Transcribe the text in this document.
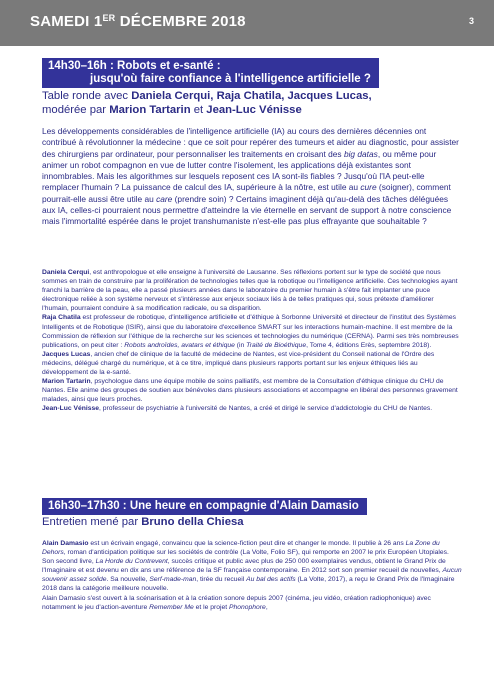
SAMEDI 1ER DÉCEMBRE 2018	3
14h30–16h : Robots et e-santé :
jusqu'où faire confiance à l'intelligence artificielle ?
Table ronde avec Daniela Cerqui, Raja Chatila, Jacques Lucas,
modérée par Marion Tartarin et Jean-Luc Vénisse

Les développements considérables de l'intelligence artificielle (IA) au cours des dernières décennies ont contribué à révolutionner la médecine : que ce soit pour repérer des tumeurs et aider au diagnostic, pour assister des chirurgiens par ordinateur, pour personnaliser les traitements en croisant des big datas, ou même pour animer un robot compagnon en vue de lutter contre l'isolement, les applications déjà existantes sont innombrables. Mais les algorithmes sur lesquels reposent ces IA sont-ils fiables ? Jusqu'où l'IA peut-elle remplacer l'humain ? La puissance de calcul des IA, supérieure à la nôtre, est utile au cure (soigner), comment pourrait-elle aussi être utile au care (prendre soin) ? Certains imaginent déjà qu'au-delà des tâches déléguées aux IA, celles-ci pourraient nous permettre d'atteindre la vie éternelle en servant de support à notre conscience mais l'immortalité espérée dans le projet transhumaniste n'est-elle pas plus effrayante que souhaitable ?

Daniela Cerqui, est anthropologue et elle enseigne à l'université de Lausanne. Ses réflexions portent sur le type de société que nous sommes en train de construire par la prolifération de technologies telles que la robotique ou l'intelligence artificielle. Ces technologies ayant franchi la barrière de la peau, elle a passé plusieurs années dans le laboratoire du premier humain à s'être fait implanter une puce électronique reliée à son système nerveux et s'intéresse aux enjeux sociaux liés à de telles pratiques qui, sous prétexte d'améliorer l'humain, pourraient conduire à sa modification radicale, ou sa disparition.

Raja Chatila est professeur de robotique, d'intelligence artificielle et d'éthique à Sorbonne Université et directeur de l'institut des Systèmes Intelligents et de Robotique (ISIR), ainsi que du laboratoire d'excellence SMART sur les interactions humain-machine. Il est membre de la Commission de réflexion sur l'éthique de la recherche sur les sciences et technologies du numérique (CERNA). Parmi ses très nombreuses publications, on peut citer : Robots androïdes, avatars et éthique (in Traité de Bioéthique, Tome 4, éditions Erès, septembre 2018).

Jacques Lucas, ancien chef de clinique de la faculté de médecine de Nantes, est vice-président du Conseil national de l'Ordre des médecins, délégué chargé du numérique, et à ce titre, impliqué dans plusieurs rapports portant sur les enjeux éthiques liés au développement de la e-santé.

Marion Tartarin, psychologue dans une équipe mobile de soins palliatifs, est membre de la Consultation d'éthique clinique du CHU de Nantes. Elle anime des groupes de soutien aux bénévoles dans plusieurs associations et accompagne en libéral des personnes gravement malades, ainsi que leurs proches.

Jean-Luc Vénisse, professeur de psychiatrie à l'université de Nantes, a créé et dirigé le service d'addictologie du CHU de Nantes.

16h30–17h30 : Une heure en compagnie d'Alain Damasio
Entretien mené par Bruno della Chiesa

Alain Damasio est un écrivain engagé, convaincu que la science-fiction peut dire et changer le monde. Il publie à 26 ans La Zone du Dehors, roman d'anticipation politique sur les sociétés de contrôle (La Volte, Folio SF), qui remporte en 2007 le prix Européen Utopiales. Son second livre, La Horde du Contrevent, succès critique et public avec plus de 250 000 exemplaires vendus, obtient le Grand Prix de l'Imaginaire et est devenu en dix ans une référence de la SF française contemporaine. En 2012 sort son premier recueil de nouvelles, Aucun souvenir assez solide. Sa nouvelle, Serf-made-man, tirée du recueil Au bal des actifs (La Volte, 2017), a reçu le Grand Prix de l'Imaginaire 2018 dans la catégorie meilleure nouvelle.

Alain Damasio s'est ouvert à la scénarisation et à la création sonore depuis 2007 (cinéma, jeu vidéo, création radiophonique) avec notamment le jeu d'action-aventure Remember Me et le projet Phonophore,
